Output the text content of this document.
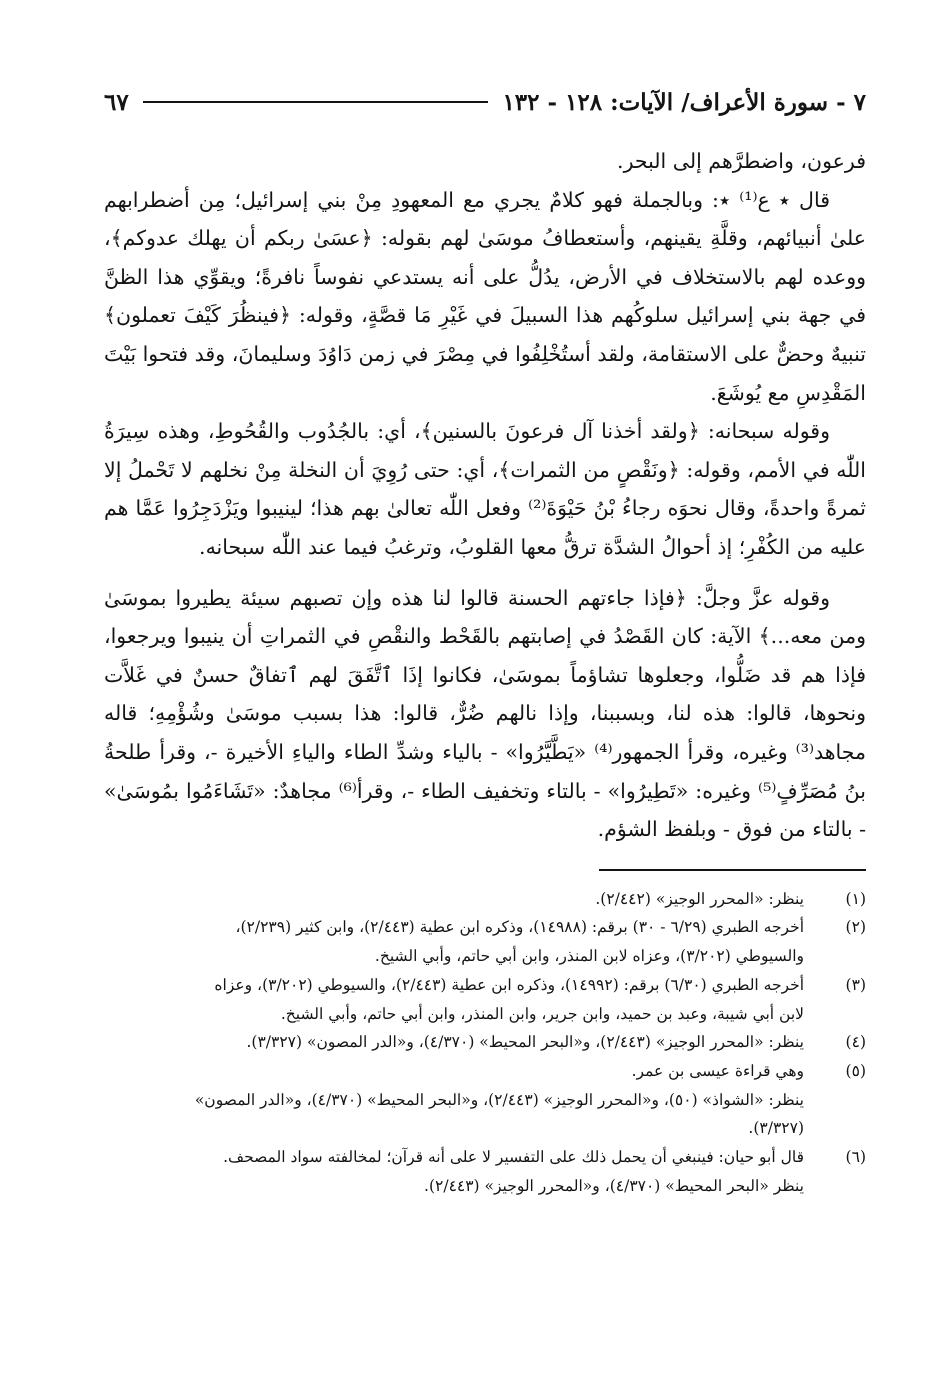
٧ - سورة الأعراف/ الآيات: ١٢٨ - ١٣٢
٦٧

فرعون، واضطرَّهم إلى البحر.

قال ٭ ع⁽¹⁾ ٭: وبالجملة فهو كلامٌ يجري مع المعهودِ مِنْ بني إسرائيل؛ مِن أضطرابهم علىٰ أنبيائهم، وقلَّةِ يقينهم، وأستعطافُ موسَىٰ لهم بقوله: ﴿عسَىٰ ربكم أن يهلك عدوكم﴾، ووعده لهم بالاستخلاف في الأرض، يدُلُّ على أنه يستدعي نفوساً نافرةً؛ ويقوِّي هذا الظنَّ في جهة بني إسرائيل سلوكُهم هذا السبيلَ في غَيْرِ مَا قصَّةٍ، وقوله: ﴿فينظُرَ كَيْفَ تعملون﴾ تنبيهٌ وحضٌّ على الاستقامة، ولقد أستُخْلِفُوا في مِصْرَ في زمن دَاوُدَ وسليمانَ، وقد فتحوا بَيْتَ المَقْدِسِ مع يُوشَعَ.

وقوله سبحانه: ﴿ولقد أخذنا آل فرعونَ بالسنين﴾، أي: بالجُدُوب والقُحُوطِ، وهذه سِيرَةُ اللّٰه في الأمم، وقوله: ﴿ونَقْصٍ من الثمرات﴾، أي: حتى رُوِيَ أن النخلة مِنْ نخلهم لا تَحْملُ إلا ثمرةً واحدةً، وقال نحوَه رجاءُ بْنُ حَيْوَةَ⁽²⁾ وفعل اللّٰه تعالىٰ بهم هذا؛ لينيبوا ويَزْدَجِرُوا عَمَّا هم عليه من الكُفْرِ؛ إذ أحوالُ الشدَّة ترقُّ معها القلوبُ، وترغبُ فيما عند اللّٰه سبحانه.

وقوله عزَّ وجلَّ: ﴿فإذا جاءتهم الحسنة قالوا لنا هذه وإن تصبهم سيئة يطيروا بموسَىٰ ومن معه...﴾ الآية: كان القَصْدُ في إصابتهم بالقَحْط والنقْصِ في الثمراتِ أن ينيبوا ويرجعوا، فإذا هم قد ضَلُّوا، وجعلوها تشاؤماً بموسَىٰ، فكانوا إذَا ٱتَّفَقَ لهم ٱتفاقٌ حسنٌ في غَلاَّت ونحوها، قالوا: هذه لنا، وبسببنا، وإذا نالهم ضُرٌّ، قالوا: هذا بسبب موسَىٰ وشُؤْمِهِ؛ قاله مجاهد⁽³⁾ وغيره، وقرأ الجمهور⁽⁴⁾ «يَطَّيَّرُوا» - بالياء وشدِّ الطاء والياءِ الأخيرة -، وقرأ طلحةُ بنُ مُصَرِّفٍ⁽⁵⁾ وغيره: «تَطِيرُوا» - بالتاء وتخفيف الطاء -، وقرأ⁽⁶⁾ مجاهدٌ: «تَشَاءَمُوا بمُوسَىٰ» - بالتاء من فوق - وبلفظ الشؤم.

(١)
ينظر: «المحرر الوجيز» (٢/٤٤٢).
(٢)
أخرجه الطبري (٦/٢٩ - ٣٠) برقم: (١٤٩٨٨)، وذكره ابن عطية (٢/٤٤٣)، وابن كثير (٢/٢٣٩)،
والسيوطي (٣/٢٠٢)، وعزاه لابن المنذر، وابن أبي حاتم، وأبي الشيخ.
(٣)
أخرجه الطبري (٦/٣٠) برقم: (١٤٩٩٢)، وذكره ابن عطية (٢/٤٤٣)، والسيوطي (٣/٢٠٢)، وعزاه
لابن أبي شيبة، وعبد بن حميد، وابن جرير، وابن المنذر، وابن أبي حاتم، وأبي الشيخ.
(٤)
ينظر: «المحرر الوجيز» (٢/٤٤٣)، و«البحر المحيط» (٤/٣٧٠)، و«الدر المصون» (٣/٣٢٧).
(٥)
وهي قراءة عيسى بن عمر.
ينظر: «الشواذ» (٥٠)، و«المحرر الوجيز» (٢/٤٤٣)، و«البحر المحيط» (٤/٣٧٠)، و«الدر المصون»
(٣/٣٢٧).
(٦)
قال أبو حيان: فينبغي أن يحمل ذلك على التفسير لا على أنه قرآن؛ لمخالفته سواد المصحف.
ينظر «البحر المحيط» (٤/٣٧٠)، و«المحرر الوجيز» (٢/٤٤٣).
